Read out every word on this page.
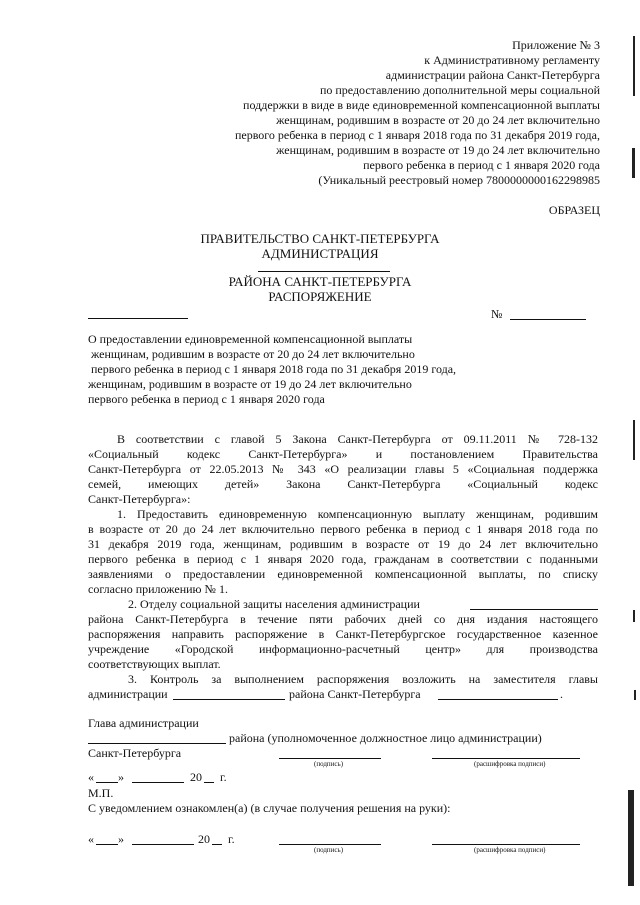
Приложение № 3
к Административному регламенту
администрации района Санкт-Петербурга
по предоставлению дополнительной меры социальной
поддержки в виде в виде единовременной компенсационной выплаты
женщинам, родившим в возрасте от 20 до 24 лет включительно
первого ребенка в период с 1 января 2018 года по 31 декабря 2019 года,
женщинам, родившим в возрасте от 19 до 24 лет включительно
первого ребенка в период с 1 января 2020 года
(Уникальный реестровый номер 7800000000162298985
ОБРАЗЕЦ
ПРАВИТЕЛЬСТВО САНКТ-ПЕТЕРБУРГА
АДМИНИСТРАЦИЯ
РАЙОНА САНКТ-ПЕТЕРБУРГА
РАСПОРЯЖЕНИЕ
№
О предоставлении единовременной компенсационной выплаты
женщинам, родившим в возрасте от 20 до 24 лет включительно
первого ребенка в период с 1 января 2018 года по 31 декабря 2019 года,
женщинам, родившим в возрасте от 19 до 24 лет включительно
первого ребенка в период с 1 января 2020 года
В соответствии с главой 5 Закона Санкт-Петербурга от 09.11.2011 № 728-132
«Социальный кодекс Санкт-Петербурга» и постановлением Правительства
Санкт-Петербурга от 22.05.2013 № 343 «О реализации главы 5 «Социальная поддержка
семей, имеющих детей» Закона Санкт-Петербурга «Социальный кодекс
Санкт-Петербурга»:
1. Предоставить единовременную компенсационную выплату женщинам, родившим
в возрасте от 20 до 24 лет включительно первого ребенка в период с 1 января 2018 года по
31 декабря 2019 года, женщинам, родившим в возрасте от 19 до 24 лет включительно
первого ребенка в период с 1 января 2020 года, гражданам в соответствии с поданными
заявлениями о предоставлении единовременной компенсационной выплаты, по списку
согласно приложению № 1.
2. Отделу социальной защиты населения администрации
района Санкт-Петербурга в течение пяти рабочих дней со дня издания настоящего
распоряжения направить распоряжение в Санкт-Петербургское государственное казенное
учреждение «Городской информационно-расчетный центр» для производства
соответствующих выплат.
3. Контроль за выполнением распоряжения возложить на заместителя главы
администрации	района Санкт-Петербурга	.
Глава администрации
района (уполномоченное должностное лицо администрации)
Санкт-Петербурга
(подпись)	(расшифровка подписи)
« »	20 г.
М.П.
С уведомлением ознакомлен(а) (в случае получения решения на руки):
« »	20 г.
(подпись)	(расшифровка подписи)
